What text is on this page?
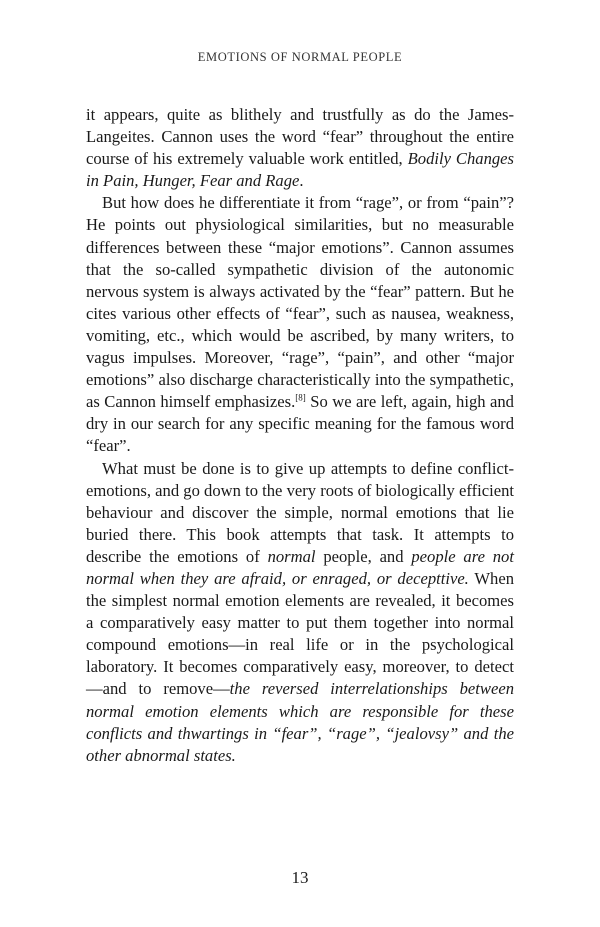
EMOTIONS OF NORMAL PEOPLE

it appears, quite as blithely and trustfully as do the James-Langeites. Cannon uses the word “fear” throughout the entire course of his extremely valuable work entitled, Bodily Changes in Pain, Hunger, Fear and Rage.

But how does he differentiate it from “rage”, or from “pain”? He points out physiological similarities, but no measurable differences between these “major emotions”. Cannon assumes that the so-called sympathetic division of the autonomic nervous system is always activated by the “fear” pattern. But he cites various other effects of “fear”, such as nausea, weakness, vomiting, etc., which would be ascribed, by many writers, to vagus impulses. Moreover, “rage”, “pain”, and other “major emotions” also discharge characteristically into the sympathetic, as Cannon himself emphasizes.[8] So we are left, again, high and dry in our search for any specific meaning for the famous word “fear”.

What must be done is to give up attempts to define conflict-emotions, and go down to the very roots of biologically efficient behaviour and discover the simple, normal emotions that lie buried there. This book attempts that task. It attempts to describe the emotions of normal people, and people are not normal when they are afraid, or enraged, or decepttive. When the simplest normal emotion elements are revealed, it becomes a comparatively easy matter to put them together into normal compound emotions—in real life or in the psychological laboratory. It becomes comparatively easy, moreover, to detect—and to remove—the reversed interrelationships between normal emotion elements which are responsible for these conflicts and thwartings in “fear”, “rage”, “jealovsy” and the other abnormal states.

13
